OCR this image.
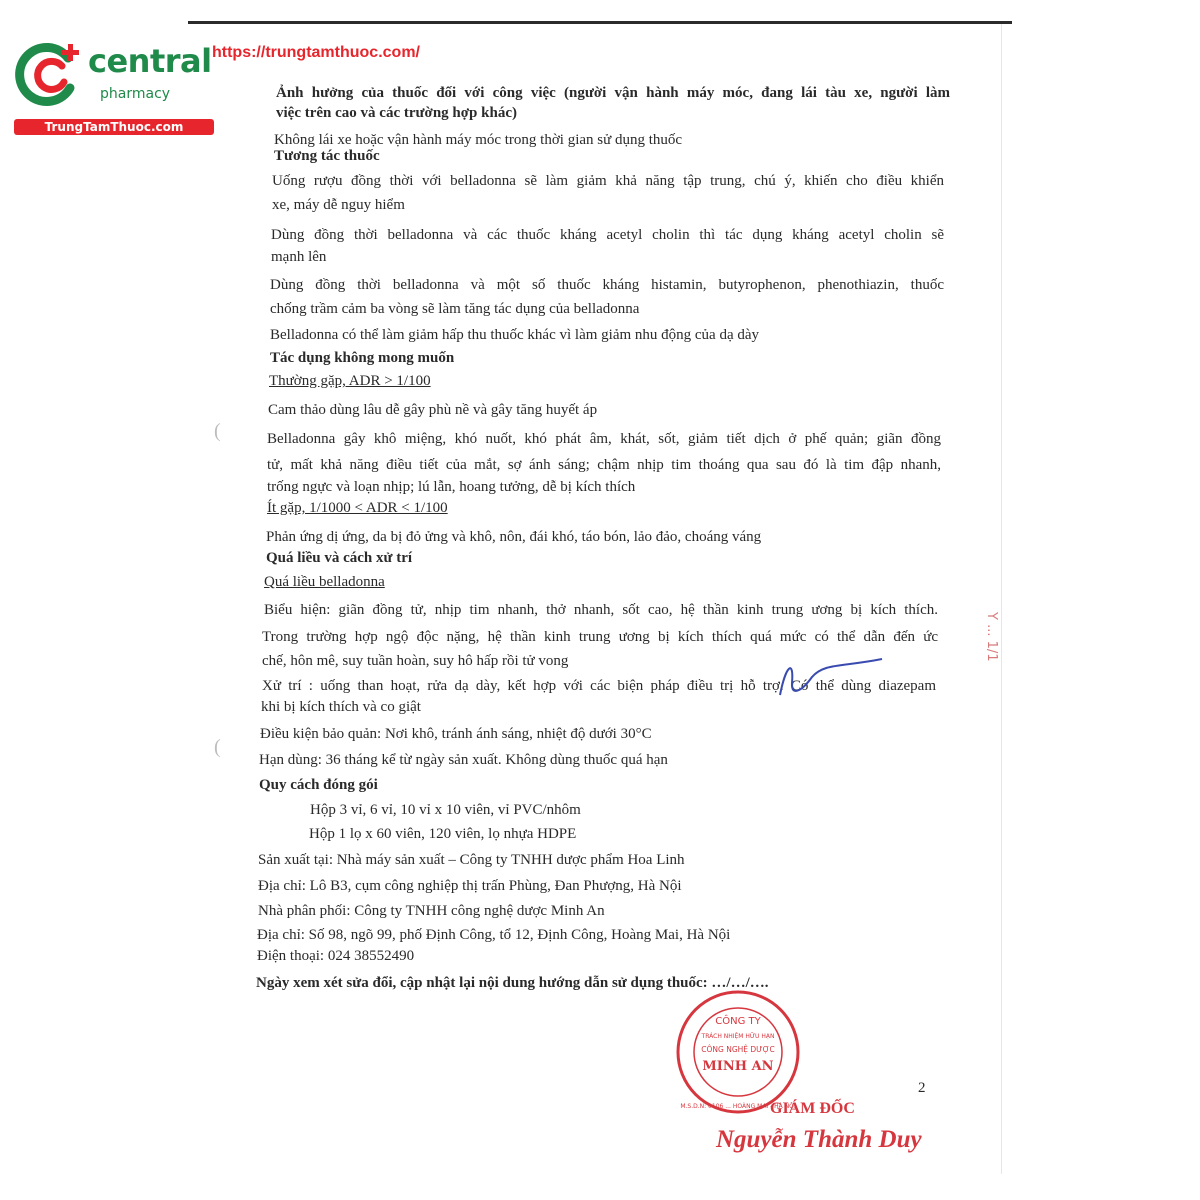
central
pharmacy
TrungTamThuoc.com
https://trungtamthuoc.com/
Ảnh hưởng của thuốc đối với công việc (người vận hành máy móc, đang lái tàu xe, người làm
việc trên cao và các trường hợp khác)
Không lái xe hoặc vận hành máy móc trong thời gian sử dụng thuốc
Tương tác thuốc
Uống rượu đồng thời với belladonna sẽ làm giảm khả năng tập trung, chú ý, khiến cho điều khiển
xe, máy dễ nguy hiểm
Dùng đồng thời belladonna và các thuốc kháng acetyl cholin thì tác dụng kháng acetyl cholin sẽ
mạnh lên
Dùng đồng thời belladonna và một số thuốc kháng histamin, butyrophenon, phenothiazin, thuốc
chống trầm cảm ba vòng sẽ làm tăng tác dụng của belladonna
Belladonna có thể làm giảm hấp thu thuốc khác vì làm giảm nhu động của dạ dày
Tác dụng không mong muốn
Thường gặp, ADR > 1/100
Cam thảo dùng lâu dễ gây phù nề và gây tăng huyết áp
Belladonna gây khô miệng, khó nuốt, khó phát âm, khát, sốt, giảm tiết dịch ở phế quản; giãn đồng
tử, mất khả năng điều tiết của mắt, sợ ánh sáng; chậm nhịp tim thoáng qua sau đó là tim đập nhanh,
trống ngực và loạn nhịp; lú lẫn, hoang tưởng, dễ bị kích thích
Ít gặp, 1/1000 < ADR < 1/100
Phản ứng dị ứng, da bị đỏ ửng và khô, nôn, đái khó, táo bón, lảo đảo, choáng váng
Quá liều và cách xử trí
Quá liều belladonna
Biểu hiện: giãn đồng tử, nhịp tim nhanh, thở nhanh, sốt cao, hệ thần kinh trung ương bị kích thích.
Trong trường hợp ngộ độc nặng, hệ thần kinh trung ương bị kích thích quá mức có thể dẫn đến ức
chế, hôn mê, suy tuần hoàn, suy hô hấp rồi tử vong
Xử trí : uống than hoạt, rửa dạ dày, kết hợp với các biện pháp điều trị hỗ trợ. Có thể dùng diazepam
khi bị kích thích và co giật
Điều kiện bảo quản: Nơi khô, tránh ánh sáng, nhiệt độ dưới 30°C
Hạn dùng: 36 tháng kể từ ngày sản xuất. Không dùng thuốc quá hạn
Quy cách đóng gói
Hộp 3 vỉ, 6 vỉ, 10 vỉ x 10 viên, vỉ PVC/nhôm
Hộp 1 lọ x 60 viên, 120 viên, lọ nhựa HDPE
Sản xuất tại: Nhà máy sản xuất – Công ty TNHH dược phẩm Hoa Linh
Địa chỉ: Lô B3, cụm công nghiệp thị trấn Phùng, Đan Phượng, Hà Nội
Nhà phân phối: Công ty TNHH công nghệ dược Minh An
Địa chỉ: Số 98, ngõ 99, phố Định Công, tổ 12, Định Công, Hoàng Mai, Hà Nội
Điện thoại: 024 38552490
Ngày xem xét sửa đổi, cập nhật lại nội dung hướng dẫn sử dụng thuốc: …/…/….
(
(
Y ... 1/1
2
CÔNG TY
TRÁCH NHIỆM HỮU HẠN
CÔNG NGHỆ DƯỢC
MINH AN
M.S.D.N: 0106 ... HOÀNG MAI - HÀ NỘI
GIÁM ĐỐC
Nguyễn Thành Duy
